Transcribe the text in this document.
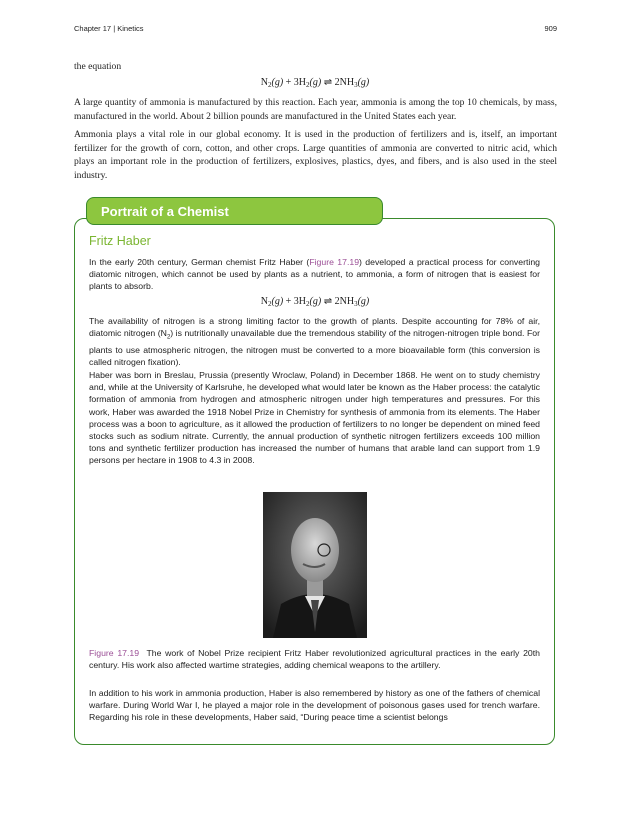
Chapter 17 | Kinetics	909

the equation

$N_2(g) + 3H_2(g)$ ⇌ $2NH_3(g)$

A large quantity of ammonia is manufactured by this reaction. Each year, ammonia is among the top 10 chemicals, by mass, manufactured in the world. About 2 billion pounds are manufactured in the United States each year.

Ammonia plays a vital role in our global economy. It is used in the production of fertilizers and is, itself, an important fertilizer for the growth of corn, cotton, and other crops. Large quantities of ammonia are converted to nitric acid, which plays an important role in the production of fertilizers, explosives, plastics, dyes, and fibers, and is also used in the steel industry.

Portrait of a Chemist
Fritz Haber

In the early 20th century, German chemist Fritz Haber (Figure 17.19) developed a practical process for converting diatomic nitrogen, which cannot be used by plants as a nutrient, to ammonia, a form of nitrogen that is easiest for plants to absorb.

$N_2(g) + 3H_2(g)$ ⇌ $2NH_3(g)$

The availability of nitrogen is a strong limiting factor to the growth of plants. Despite accounting for 78% of air, diatomic nitrogen $(N_2)$ is nutritionally unavailable due the tremendous stability of the nitrogen-nitrogen triple bond. For plants to use atmospheric nitrogen, the nitrogen must be converted to a more bioavailable form (this conversion is called nitrogen fixation).

Haber was born in Breslau, Prussia (presently Wroclaw, Poland) in December 1868. He went on to study chemistry and, while at the University of Karlsruhe, he developed what would later be known as the Haber process: the catalytic formation of ammonia from hydrogen and atmospheric nitrogen under high temperatures and pressures. For this work, Haber was awarded the 1918 Nobel Prize in Chemistry for synthesis of ammonia from its elements. The Haber process was a boon to agriculture, as it allowed the production of fertilizers to no longer be dependent on mined feed stocks such as sodium nitrate. Currently, the annual production of synthetic nitrogen fertilizers exceeds 100 million tons and synthetic fertilizer production has increased the number of humans that arable land can support from 1.9 persons per hectare in 1908 to 4.3 in 2008.

Figure 17.19 The work of Nobel Prize recipient Fritz Haber revolutionized agricultural practices in the early 20th century. His work also affected wartime strategies, adding chemical weapons to the artillery.

In addition to his work in ammonia production, Haber is also remembered by history as one of the fathers of chemical warfare. During World War I, he played a major role in the development of poisonous gases used for trench warfare. Regarding his role in these developments, Haber said, “During peace time a scientist belongs
